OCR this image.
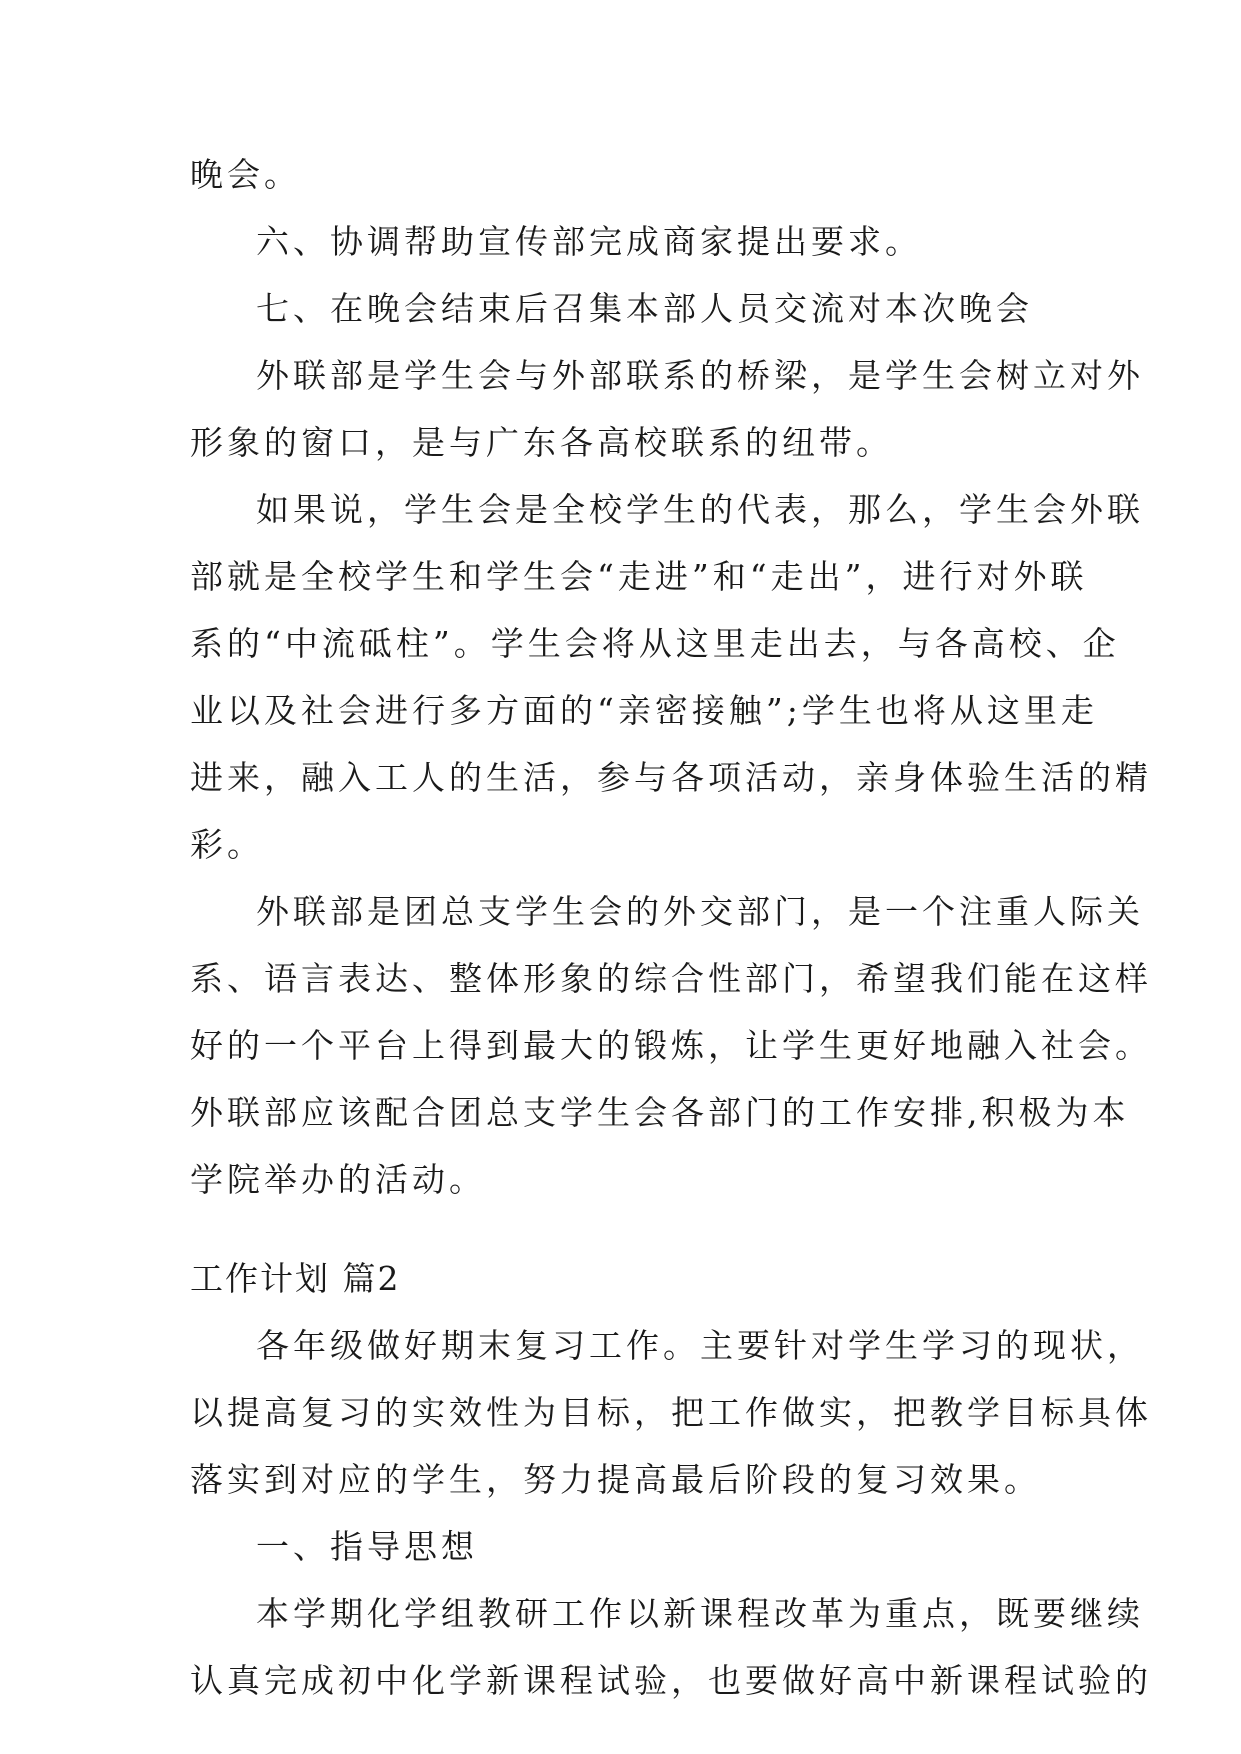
晚会。
六、协调帮助宣传部完成商家提出要求。
七、在晚会结束后召集本部人员交流对本次晚会
外联部是学生会与外部联系的桥梁，是学生会树立对外
形象的窗口，是与广东各高校联系的纽带。
如果说，学生会是全校学生的代表，那么，学生会外联
部就是全校学生和学生会“走进”和“走出”，进行对外联
系的“中流砥柱”。学生会将从这里走出去，与各高校、企
业以及社会进行多方面的“亲密接触”;学生也将从这里走
进来，融入工人的生活，参与各项活动，亲身体验生活的精
彩。
外联部是团总支学生会的外交部门，是一个注重人际关
系、语言表达、整体形象的综合性部门，希望我们能在这样
好的一个平台上得到最大的锻炼，让学生更好地融入社会。
外联部应该配合团总支学生会各部门的工作安排,积极为本
学院举办的活动。
工作计划 篇2
各年级做好期末复习工作。主要针对学生学习的现状，
以提高复习的实效性为目标，把工作做实，把教学目标具体
落实到对应的学生，努力提高最后阶段的复习效果。
一、指导思想
本学期化学组教研工作以新课程改革为重点，既要继续
认真完成初中化学新课程试验，也要做好高中新课程试验的
